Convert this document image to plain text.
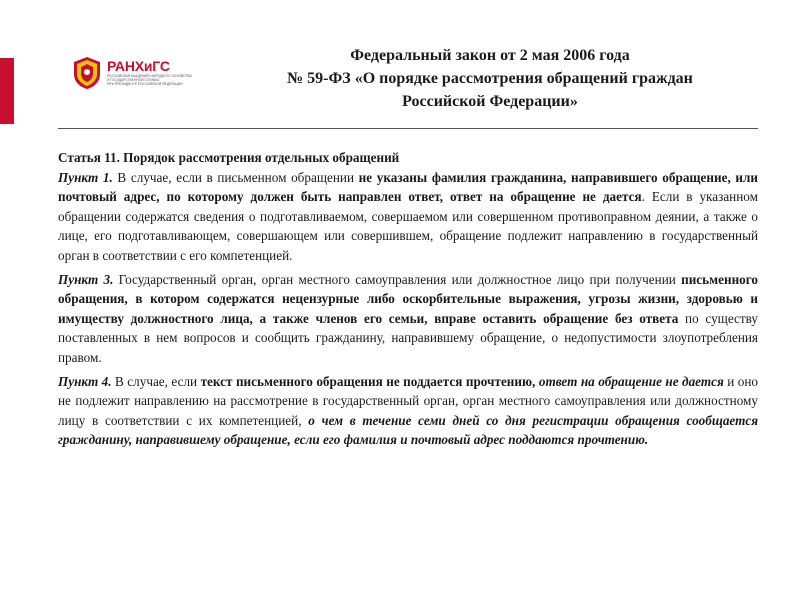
РАНХиГС
РОССИЙСКАЯ АКАДЕМИЯ НАРОДНОГО ХОЗЯЙСТВА
И ГОСУДАРСТВЕННОЙ СЛУЖБЫ
ПРИ ПРЕЗИДЕНТЕ РОССИЙСКОЙ ФЕДЕРАЦИИ
Федеральный закон от 2 мая 2006 года
№ 59-ФЗ «О порядке рассмотрения обращений граждан
Российской Федерации»

Статья 11. Порядок рассмотрения отдельных обращений
Пункт 1. В случае, если в письменном обращении не указаны фамилия гражданина, направившего обращение, или почтовый адрес, по которому должен быть направлен ответ, ответ на обращение не дается. Если в указанном обращении содержатся сведения о подготавливаемом, совершаемом или совершенном противоправном деянии, а также о лице, его подготавливающем, совершающем или совершившем, обращение подлежит направлению в государственный орган в соответствии с его компетенцией.

Пункт 3. Государственный орган, орган местного самоуправления или должностное лицо при получении письменного обращения, в котором содержатся нецензурные либо оскорбительные выражения, угрозы жизни, здоровью и имуществу должностного лица, а также членов его семьи, вправе оставить обращение без ответа по существу поставленных в нем вопросов и сообщить гражданину, направившему обращение, о недопустимости злоупотребления правом.

Пункт 4. В случае, если текст письменного обращения не поддается прочтению, ответ на обращение не дается и оно не подлежит направлению на рассмотрение в государственный орган, орган местного самоуправления или должностному лицу в соответствии с их компетенцией, о чем в течение семи дней со дня регистрации обращения сообщается гражданину, направившему обращение, если его фамилия и почтовый адрес поддаются прочтению.
